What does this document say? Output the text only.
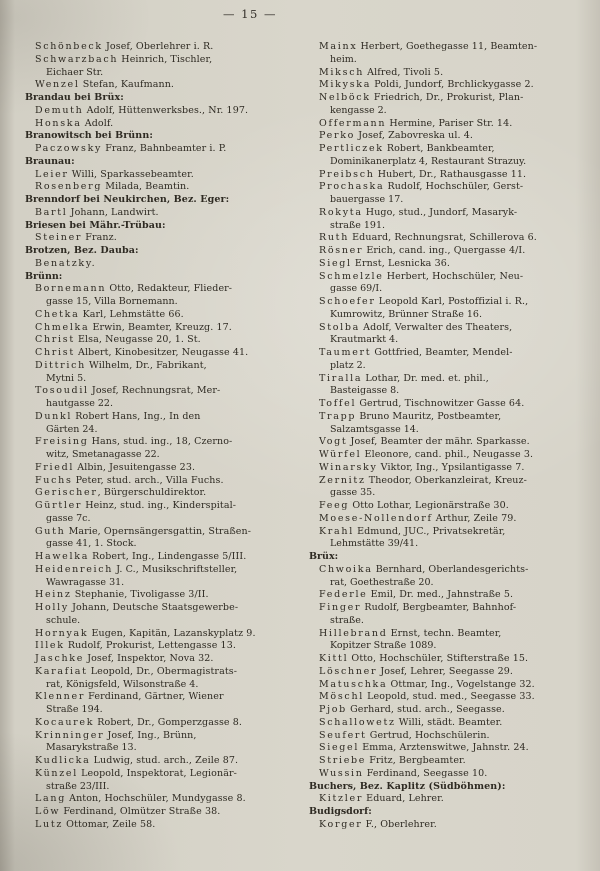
— 15 —
Schönbeck Josef, Oberlehrer i. R.
Schwarzbach Heinrich, Tischler,
Eichaer Str.
Wenzel Stefan, Kaufmann.
Brandau bei Brüx:
Demuth Adolf, Hüttenwerksbes., Nr. 197.
Honska Adolf.
Branowitsch bei Brünn:
Paczowsky Franz, Bahnbeamter i. P.
Braunau:
Leier Willi, Sparkassebeamter.
Rosenberg Milada, Beamtin.
Brenndorf bei Neukirchen, Bez. Eger:
Bartl Johann, Landwirt.
Briesen bei Mähr.-Trübau:
Steiner Franz.
Brotzen, Bez. Dauba:
Benatzky.
Brünn:
Bornemann Otto, Redakteur, Flieder-
gasse 15, Villa Bornemann.
Chetka Karl, Lehmstätte 66.
Chmelka Erwin, Beamter, Kreuzg. 17.
Christ Elsa, Neugasse 20, 1. St.
Christ Albert, Kinobesitzer, Neugasse 41.
Dittrich Wilhelm, Dr., Fabrikant,
Mytni 5.
Tosoudil Josef, Rechnungsrat, Mer-
hautgasse 22.
Dunkl Robert Hans, Ing., In den
Gärten 24.
Freising Hans, stud. ing., 18, Czerno-
witz, Smetanagasse 22.
Friedl Albin, Jesuitengasse 23.
Fuchs Peter, stud. arch., Villa Fuchs.
Gerischer, Bürgerschuldirektor.
Gürtler Heinz, stud. ing., Kinderspital-
gasse 7c.
Guth Marie, Opernsängersgattin, Straßen-
gasse 41, 1. Stock.
Hawelka Robert, Ing., Lindengasse 5/III.
Heidenreich J. C., Musikschriftsteller,
Wawragasse 31.
Heinz Stephanie, Tivoligasse 3/II.
Holly Johann, Deutsche Staatsgewerbe-
schule.
Hornyak Eugen, Kapitän, Lazanskyplatz 9.
Illek Rudolf, Prokurist, Lettengasse 13.
Jaschke Josef, Inspektor, Nova 32.
Karafiat Leopold, Dr., Obermagistrats-
rat, Königsfeld, Wilsonstraße 4.
Klenner Ferdinand, Gärtner, Wiener
Straße 194.
Kocaurek Robert, Dr., Gomperzgasse 8.
Krinninger Josef, Ing., Brünn,
Masarykstraße 13.
Kudlicka Ludwig, stud. arch., Zeile 87.
Künzel Leopold, Inspektorat, Legionär-
straße 23/III.
Lang Anton, Hochschüler, Mundygasse 8.
Löw Ferdinand, Olmützer Straße 38.
Lutz Ottomar, Zeile 58.
Mainx Herbert, Goethegasse 11, Beamten-
heim.
Miksch Alfred, Tivoli 5.
Mikyska Poldi, Jundorf, Brchlickygasse 2.
Nelböck Friedrich, Dr., Prokurist, Plan-
kengasse 2.
Offermann Hermine, Pariser Str. 14.
Perko Josef, Zabovreska ul. 4.
Pertliczek Robert, Bankbeamter,
Dominikanerplatz 4, Restaurant Strazuy.
Preibsch Hubert, Dr., Rathausgasse 11.
Prochaska Rudolf, Hochschüler, Gerst-
bauergasse 17.
Rokyta Hugo, stud., Jundorf, Masaryk-
straße 191.
Ruth Eduard, Rechnungsrat, Schillerova 6.
Rösner Erich, cand. ing., Quergasse 4/I.
Siegl Ernst, Lesnicka 36.
Schmelzle Herbert, Hochschüler, Neu-
gasse 69/I.
Schoefer Leopold Karl, Postoffizial i. R.,
Kumrowitz, Brünner Straße 16.
Stolba Adolf, Verwalter des Theaters,
Krautmarkt 4.
Taumert Gottfried, Beamter, Mendel-
platz 2.
Tiralla Lothar, Dr. med. et. phil.,
Basteigasse 8.
Toffel Gertrud, Tischnowitzer Gasse 64.
Trapp Bruno Mauritz, Postbeamter,
Salzamtsgasse 14.
Vogt Josef, Beamter der mähr. Sparkasse.
Würfel Eleonore, cand. phil., Neugasse 3.
Winarsky Viktor, Ing., Ypsilantigasse 7.
Zernitz Theodor, Oberkanzleirat, Kreuz-
gasse 35.
Feeg Otto Lothar, Legionärstraße 30.
Moese-Nollendorf Arthur, Zeile 79.
Krahl Edmund, JUC., Privatsekretär,
Lehmstätte 39/41.
Brüx:
Chwoika Bernhard, Oberlandesgerichts-
rat, Goethestraße 20.
Federle Emil, Dr. med., Jahnstraße 5.
Finger Rudolf, Bergbeamter, Bahnhof-
straße.
Hillebrand Ernst, techn. Beamter,
Kopitzer Straße 1089.
Kittl Otto, Hochschüler, Stifterstraße 15.
Löschner Josef, Lehrer, Seegasse 29.
Matuschka Ottmar, Ing., Vogelstange 32.
Möschl Leopold, stud. med., Seegasse 33.
Pjob Gerhard, stud. arch., Seegasse.
Schallowetz Willi, städt. Beamter.
Seufert Gertrud, Hochschülerin.
Siegel Emma, Arztenswitwe, Jahnstr. 24.
Striebe Fritz, Bergbeamter.
Wussin Ferdinand, Seegasse 10.
Buchers, Bez. Kaplitz (Südböhmen):
Kitzler Eduard, Lehrer.
Budigsdorf:
Korger F., Oberlehrer.
